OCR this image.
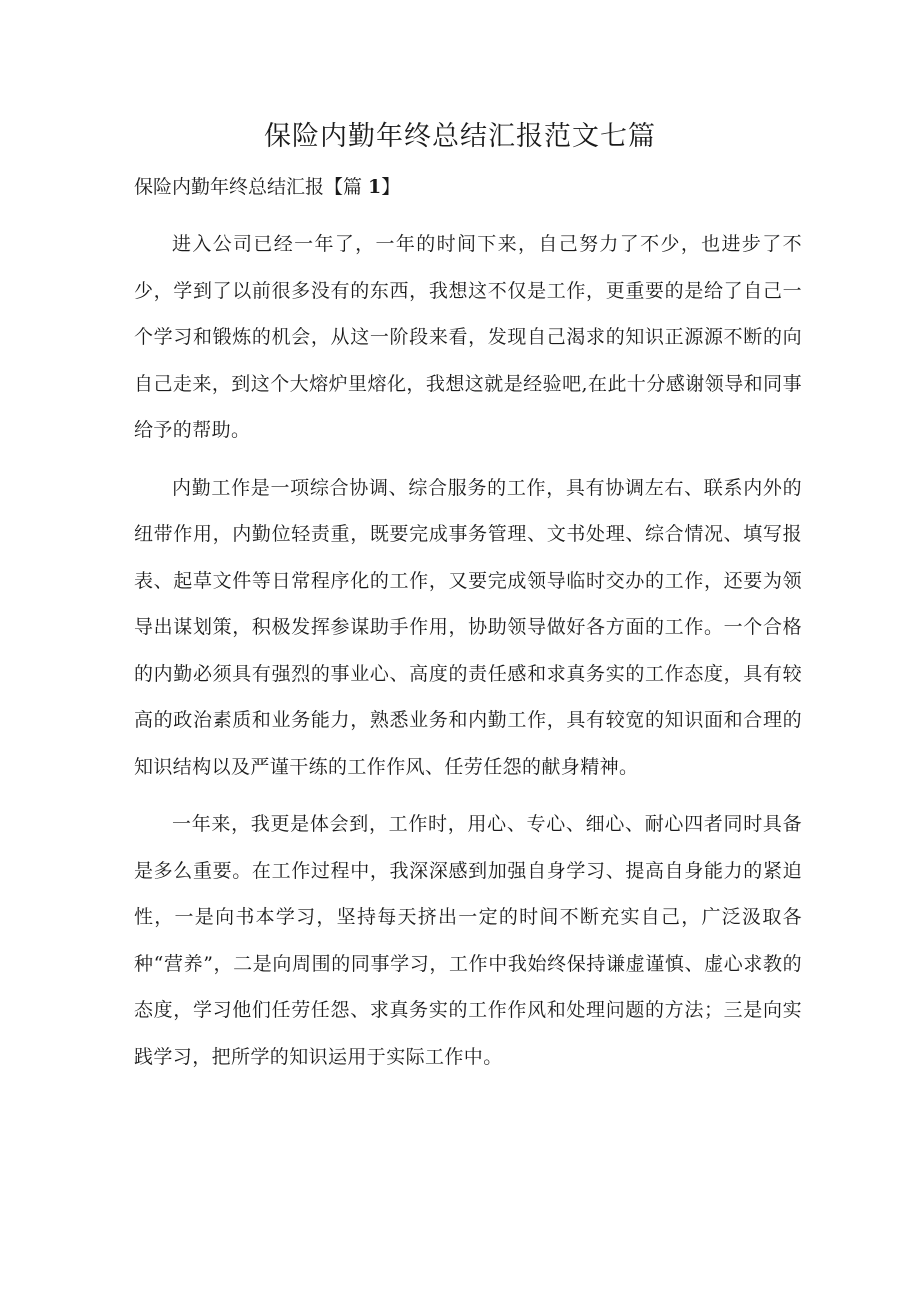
保险内勤年终总结汇报范文七篇
保险内勤年终总结汇报【篇 1】

进入公司已经一年了，一年的时间下来，自己努力了不少，也进步了不少，学到了以前很多没有的东西，我想这不仅是工作，更重要的是给了自己一个学习和锻炼的机会，从这一阶段来看，发现自己渴求的知识正源源不断的向自己走来，到这个大熔炉里熔化，我想这就是经验吧,在此十分感谢领导和同事给予的帮助。

内勤工作是一项综合协调、综合服务的工作，具有协调左右、联系内外的纽带作用，内勤位轻责重，既要完成事务管理、文书处理、综合情况、填写报表、起草文件等日常程序化的工作，又要完成领导临时交办的工作，还要为领导出谋划策，积极发挥参谋助手作用，协助领导做好各方面的工作。一个合格的内勤必须具有强烈的事业心、高度的责任感和求真务实的工作态度，具有较高的政治素质和业务能力，熟悉业务和内勤工作，具有较宽的知识面和合理的知识结构以及严谨干练的工作作风、任劳任怨的献身精神。

一年来，我更是体会到，工作时，用心、专心、细心、耐心四者同时具备是多么重要。在工作过程中，我深深感到加强自身学习、提高自身能力的紧迫性，一是向书本学习，坚持每天挤出一定的时间不断充实自己，广泛汲取各种“营养”，二是向周围的同事学习，工作中我始终保持谦虚谨慎、虚心求教的态度，学习他们任劳任怨、求真务实的工作作风和处理问题的方法；三是向实践学习，把所学的知识运用于实际工作中。
